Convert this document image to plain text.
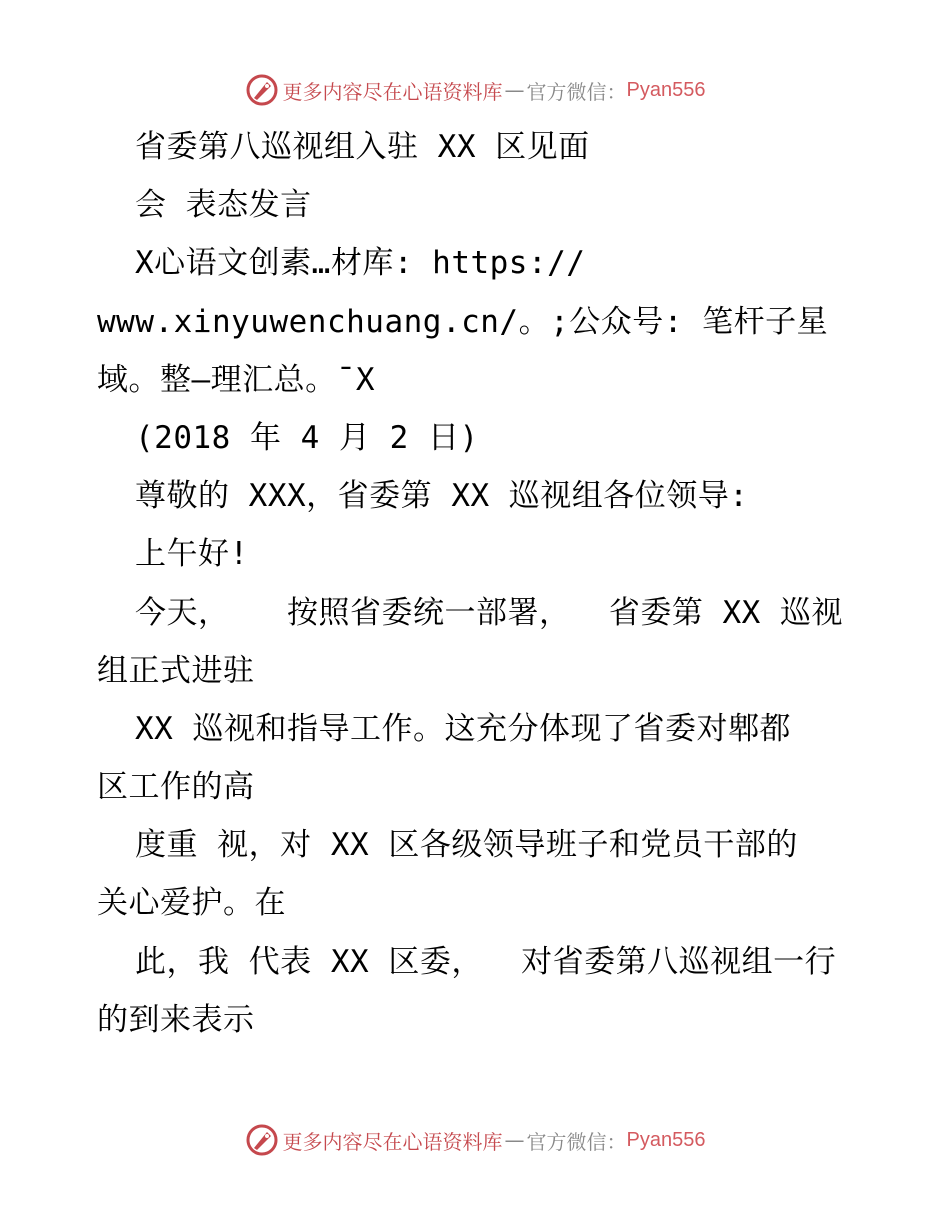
更多内容尽在心语资料库 — 官方微信： Pyan556
省委第八巡视组入驻 XX 区见面
会 表态发言
X心语文创素…材库: https://
www.xinyuwenchuang.cn/。;公众号: 笔杆子星
域。整—理汇总。¯X
(2018 年 4 月 2 日)
尊敬的 XXX，省委第 XX 巡视组各位领导:
上午好!
今天，   按照省委统一部署，  省委第 XX 巡视
组正式进驻
XX 巡视和指导工作。这充分体现了省委对郫都
区工作的高
度重 视，对 XX 区各级领导班子和党员干部的
关心爱护。在
此，我 代表 XX 区委，  对省委第八巡视组一行
的到来表示
更多内容尽在心语资料库 — 官方微信： Pyan556
